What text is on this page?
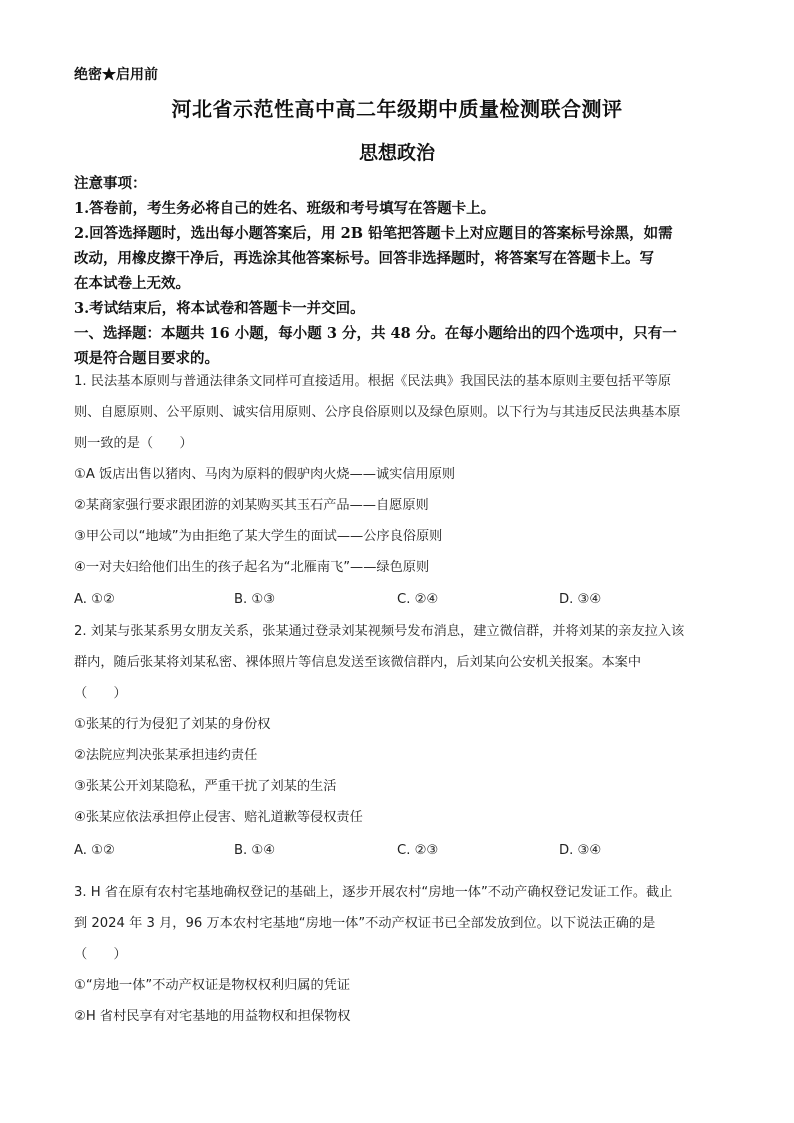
绝密★启用前
河北省示范性高中高二年级期中质量检测联合测评
思想政治
注意事项：
1.答卷前，考生务必将自己的姓名、班级和考号填写在答题卡上。
2.回答选择题时，选出每小题答案后，用 2B 铅笔把答题卡上对应题目的答案标号涂黑，如需
改动，用橡皮擦干净后，再选涂其他答案标号。回答非选择题时，将答案写在答题卡上。写
在本试卷上无效。
3.考试结束后，将本试卷和答题卡一并交回。
一、选择题：本题共 16 小题，每小题 3 分，共 48 分。在每小题给出的四个选项中，只有一
项是符合题目要求的。
1. 民法基本原则与普通法律条文同样可直接适用。根据《民法典》我国民法的基本原则主要包括平等原
则、自愿原则、公平原则、诚实信用原则、公序良俗原则以及绿色原则。以下行为与其违反民法典基本原
则一致的是（　　）
①A 饭店出售以猪肉、马肉为原料的假驴肉火烧——诚实信用原则
②某商家强行要求跟团游的刘某购买其玉石产品——自愿原则
③甲公司以“地域”为由拒绝了某大学生的面试——公序良俗原则
④一对夫妇给他们出生的孩子起名为“北雁南飞”——绿色原则
A. ①②	B. ①③	C. ②④	D. ③④
2. 刘某与张某系男女朋友关系，张某通过登录刘某视频号发布消息，建立微信群，并将刘某的亲友拉入该
群内，随后张某将刘某私密、裸体照片等信息发送至该微信群内，后刘某向公安机关报案。本案中
（　　）
①张某的行为侵犯了刘某的身份权
②法院应判决张某承担违约责任
③张某公开刘某隐私，严重干扰了刘某的生活
④张某应依法承担停止侵害、赔礼道歉等侵权责任
A. ①②	B. ①④	C. ②③	D. ③④
3. H 省在原有农村宅基地确权登记的基础上，逐步开展农村“房地一体”不动产确权登记发证工作。截止
到 2024 年 3 月，96 万本农村宅基地“房地一体”不动产权证书已全部发放到位。以下说法正确的是
（　　）
①“房地一体”不动产权证是物权权利归属的凭证
②H 省村民享有对宅基地的用益物权和担保物权
